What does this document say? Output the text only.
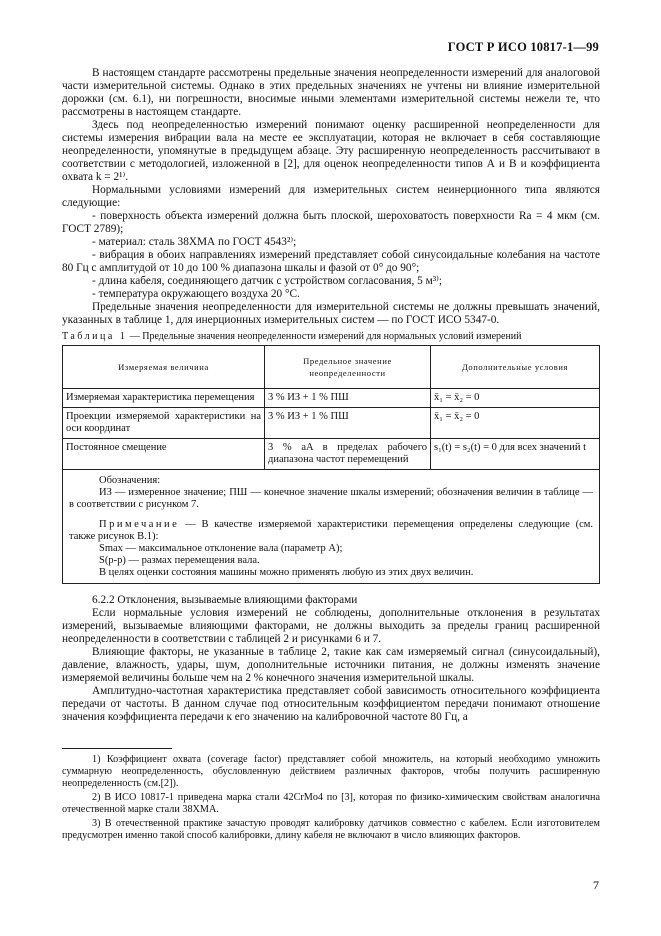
ГОСТ Р ИСО 10817-1—99

В настоящем стандарте рассмотрены предельные значения неопределенности измерений для аналоговой части измерительной системы. Однако в этих предельных значениях не учтены ни влияние измерительной дорожки (см. 6.1), ни погрешности, вносимые иными элементами измерительной системы нежели те, что рассмотрены в настоящем стандарте.

Здесь под неопределенностью измерений понимают оценку расширенной неопределенности для системы измерения вибрации вала на месте ее эксплуатации, которая не включает в себя составляющие неопределенности, упомянутые в предыдущем абзаце. Эту расширенную неопределенность рассчитывают в соответствии с методологией, изложенной в [2], для оценок неопределенности типов А и В и коэффициента охвата k = 2¹⁾.

Нормальными условиями измерений для измерительных систем неинерционного типа являются следующие:

- поверхность объекта измерений должна быть плоской, шероховатость поверхности Ra = 4 мкм (см. ГОСТ 2789);

- материал: сталь 38ХМА по ГОСТ 4543²⁾;

- вибрация в обоих направлениях измерений представляет собой синусоидальные колебания на частоте 80 Гц с амплитудой от 10 до 100 % диапазона шкалы и фазой от 0° до 90°;

- длина кабеля, соединяющего датчик с устройством согласования, 5 м³⁾;

- температура окружающего воздуха 20 °С.

Предельные значения неопределенности для измерительной системы не должны превышать значений, указанных в таблице 1, для инерционных измерительных систем — по ГОСТ ИСО 5347-0.

Таблица 1 — Предельные значения неопределенности измерений для нормальных условий измерений
Измеряемая величина	Предельное значение неопределенности	Дополнительные условия
Измеряемая характеристика перемещения	3 % ИЗ + 1 % ПШ	x̄₁ = x̄₂ = 0
Проекции измеряемой характеристики на оси координат	3 % ИЗ + 1 % ПШ	x̄₁ = x̄₂ = 0
Постоянное смещение	3 % aA в пределах рабочего диапазона частот перемещений	s₁(t) = s₂(t) = 0 для всех значений t

Обозначения:

ИЗ — измеренное значение; ПШ — конечное значение шкалы измерений; обозначения величин в таблице — в соответствии с рисунком 7.

Примечание — В качестве измеряемой характеристики перемещения определены следующие (см. также рисунок В.1):

Smax — максимальное отклонение вала (параметр A);

S(p-p) — размах перемещения вала.

В целях оценки состояния машины можно применять любую из этих двух величин.

6.2.2 Отклонения, вызываемые влияющими факторами

Если нормальные условия измерений не соблюдены, дополнительные отклонения в результатах измерений, вызываемые влияющими факторами, не должны выходить за пределы границ расширенной неопределенности в соответствии с таблицей 2 и рисунками 6 и 7.

Влияющие факторы, не указанные в таблице 2, такие как сам измеряемый сигнал (синусоидальный), давление, влажность, удары, шум, дополнительные источники питания, не должны изменять значение измеряемой величины больше чем на 2 % конечного значения измерительной шкалы.

Амплитудно-частотная характеристика представляет собой зависимость относительного коэффициента передачи от частоты. В данном случае под относительным коэффициентом передачи понимают отношение значения коэффициента передачи к его значению на калибровочной частоте 80 Гц, а

1) Коэффициент охвата (coverage factor) представляет собой множитель, на который необходимо умножить суммарную неопределенность, обусловленную действием различных факторов, чтобы получить расширенную неопределенность (см.[2]).

2) В ИСО 10817-1 приведена марка стали 42CrMo4 по [3], которая по физико-химическим свойствам аналогична отечественной марке стали 38ХМА.

3) В отечественной практике зачастую проводят калибровку датчиков совместно с кабелем. Если изготовителем предусмотрен именно такой способ калибровки, длину кабеля не включают в число влияющих факторов.

7
